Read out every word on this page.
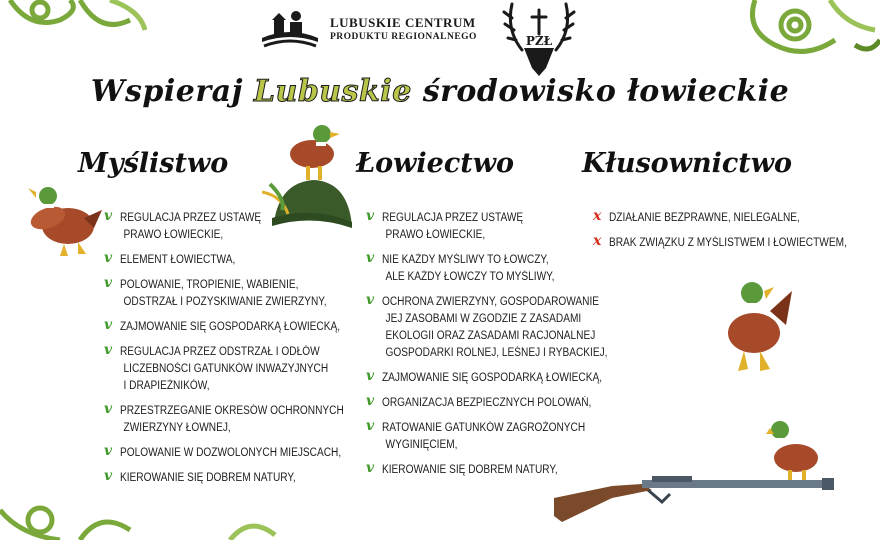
LUBUSKIE CENTRUM
PRODUKTU REGIONALNEGO	PZŁ
Wspieraj Lubuskie środowisko łowieckie
Myślistwo	Łowiectwo	Kłusownictwo
v REGULACJA PRZEZ USTAWĘ
PRAWO ŁOWIECKIE,
v ELEMENT ŁOWIECTWA,
v POLOWANIE, TROPIENIE, WABIENIE,
ODSTRZAŁ I POZYSKIWANIE ZWIERZYNY,
v ZAJMOWANIE SIĘ GOSPODARKĄ ŁOWIECKĄ,
v REGULACJA PRZEZ ODSTRZAŁ I ODŁÓW
LICZEBNOŚCI GATUNKÓW INWAZYJNYCH
I DRAPIEŻNIKÓW,
v PRZESTRZEGANIE OKRESÓW OCHRONNYCH
ZWIERZYNY ŁOWNEJ,
v POLOWANIE W DOZWOLONYCH MIEJSCACH,
v KIEROWANIE SIĘ DOBREM NATURY,
v REGULACJA PRZEZ USTAWĘ
PRAWO ŁOWIECKIE,
v NIE KAŻDY MYŚLIWY TO ŁOWCZY,
ALE KAŻDY ŁOWCZY TO MYŚLIWY,
v OCHRONA ZWIERZYNY, GOSPODAROWANIE
JEJ ZASOBAMI W ZGODZIE Z ZASADAMI
EKOLOGII ORAZ ZASADAMI RACJONALNEJ
GOSPODARKI ROLNEJ, LEŚNEJ I RYBACKIEJ,
v ZAJMOWANIE SIĘ GOSPODARKĄ ŁOWIECKĄ,
v ORGANIZACJA BEZPIECZNYCH POLOWAŃ,
v RATOWANIE GATUNKÓW ZAGROŻONYCH
WYGINIĘCIEM,
v KIEROWANIE SIĘ DOBREM NATURY,
x DZIAŁANIE BEZPRAWNE, NIELEGALNE,
x BRAK ZWIĄZKU Z MYŚLISTWEM I ŁOWIECTWEM,
